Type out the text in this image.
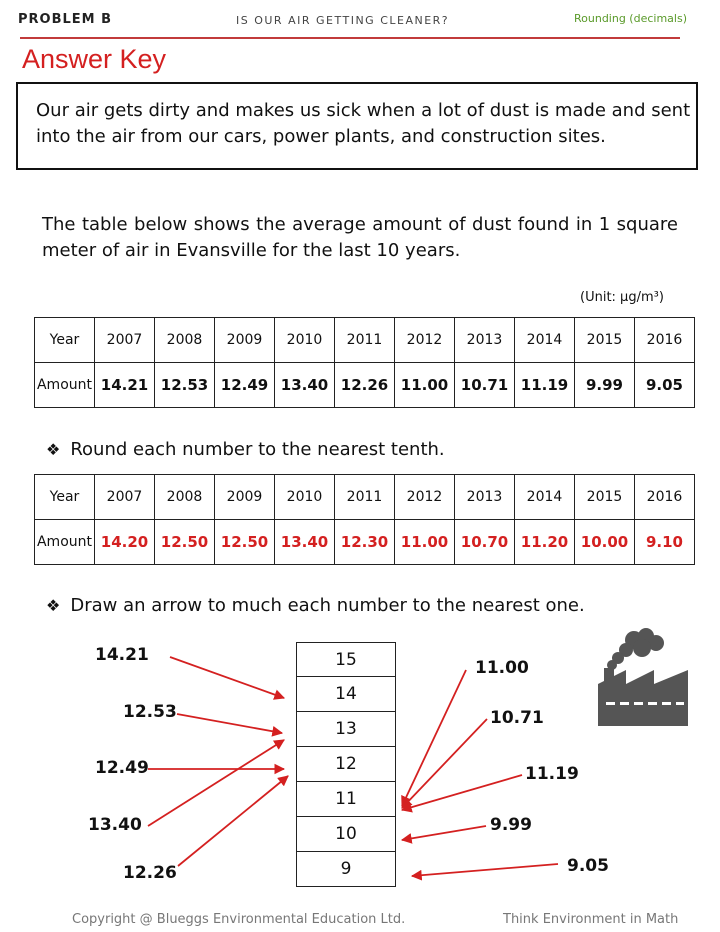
PROBLEM B	IS OUR AIR GETTING CLEANER?	Rounding (decimals)
Answer Key
Our air gets dirty and makes us sick when a lot of dust is made and sent into the air from our cars, power plants, and construction sites.
The table below shows the average amount of dust found in 1 square meter of air in Evansville for the last 10 years.
(Unit: µg/m³)
Year	2007	2008	2009	2010	2011	2012	2013	2014	2015	2016
Amount	14.21	12.53	12.49	13.40	12.26	11.00	10.71	11.19	9.99	9.05
❖ Round each number to the nearest tenth.
Year	2007	2008	2009	2010	2011	2012	2013	2014	2015	2016
Amount	14.20	12.50	12.50	13.40	12.30	11.00	10.70	11.20	10.00	9.10
❖ Draw an arrow to much each number to the nearest one.
15
14
13
12
11
10
9
14.21
12.53
12.49
13.40
12.26
11.00
10.71
11.19
9.99
9.05
Copyright @ Blueggs Environmental Education Ltd.	Think Environment in Math
